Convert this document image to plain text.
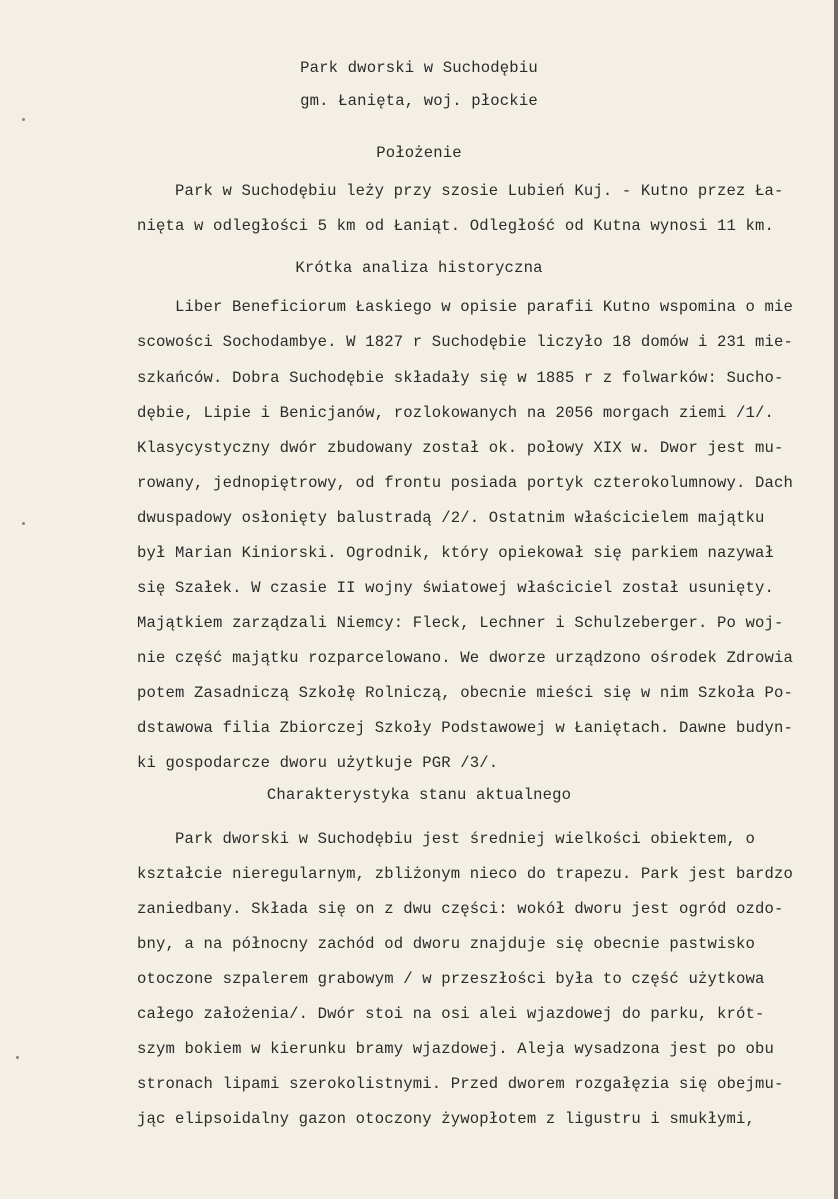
Park dworski w Suchodębiu
gm. Łanięta, woj. płockie
Położenie
Park w Suchodębiu leży przy szosie Lubień Kuj. - Kutno przez Ła-
nięta w odległości 5 km od Łaniąt. Odległość od Kutna wynosi 11 km.
Krótka analiza historyczna
Liber Beneficiorum Łaskiego w opisie parafii Kutno wspomina o mie
scowości Sochodambye. W 1827 r Suchodębie liczyło 18 domów i 231 mie-
szkańców. Dobra Suchodębie składały się w 1885 r z folwarków: Sucho-
dębie, Lipie i Benicjanów, rozlokowanych na 2056 morgach ziemi /1/.
Klasycystyczny dwór zbudowany został ok. połowy XIX w. Dwor jest mu-
rowany, jednopiętrowy, od frontu posiada portyk czterokolumnowy. Dach
dwuspadowy osłonięty balustradą /2/. Ostatnim właścicielem majątku
był Marian Kiniorski. Ogrodnik, który opiekował się parkiem nazywał
się Szałek. W czasie II wojny światowej właściciel został usunięty.
Majątkiem zarządzali Niemcy: Fleck, Lechner i Schulzeberger. Po woj-
nie część majątku rozparcelowano. We dworze urządzono ośrodek Zdrowia
potem Zasadniczą Szkołę Rolniczą, obecnie mieści się w nim Szkoła Po-
dstawowa filia Zbiorczej Szkoły Podstawowej w Łaniętach. Dawne budyn-
ki gospodarcze dworu użytkuje PGR /3/.
Charakterystyka stanu aktualnego
Park dworski w Suchodębiu jest średniej wielkości obiektem, o
kształcie nieregularnym, zbliżonym nieco do trapezu. Park jest bardzo
zaniedbany. Składa się on z dwu części: wokół dworu jest ogród ozdo-
bny, a na północny zachód od dworu znajduje się obecnie pastwisko
otoczone szpalerem grabowym / w przeszłości była to część użytkowa
całego założenia/. Dwór stoi na osi alei wjazdowej do parku, krót-
szym bokiem w kierunku bramy wjazdowej. Aleja wysadzona jest po obu
stronach lipami szerokolistnymi. Przed dworem rozgałęzia się obejmu-
jąc elipsoidalny gazon otoczony żywopłotem z ligustru i smukłymi,
